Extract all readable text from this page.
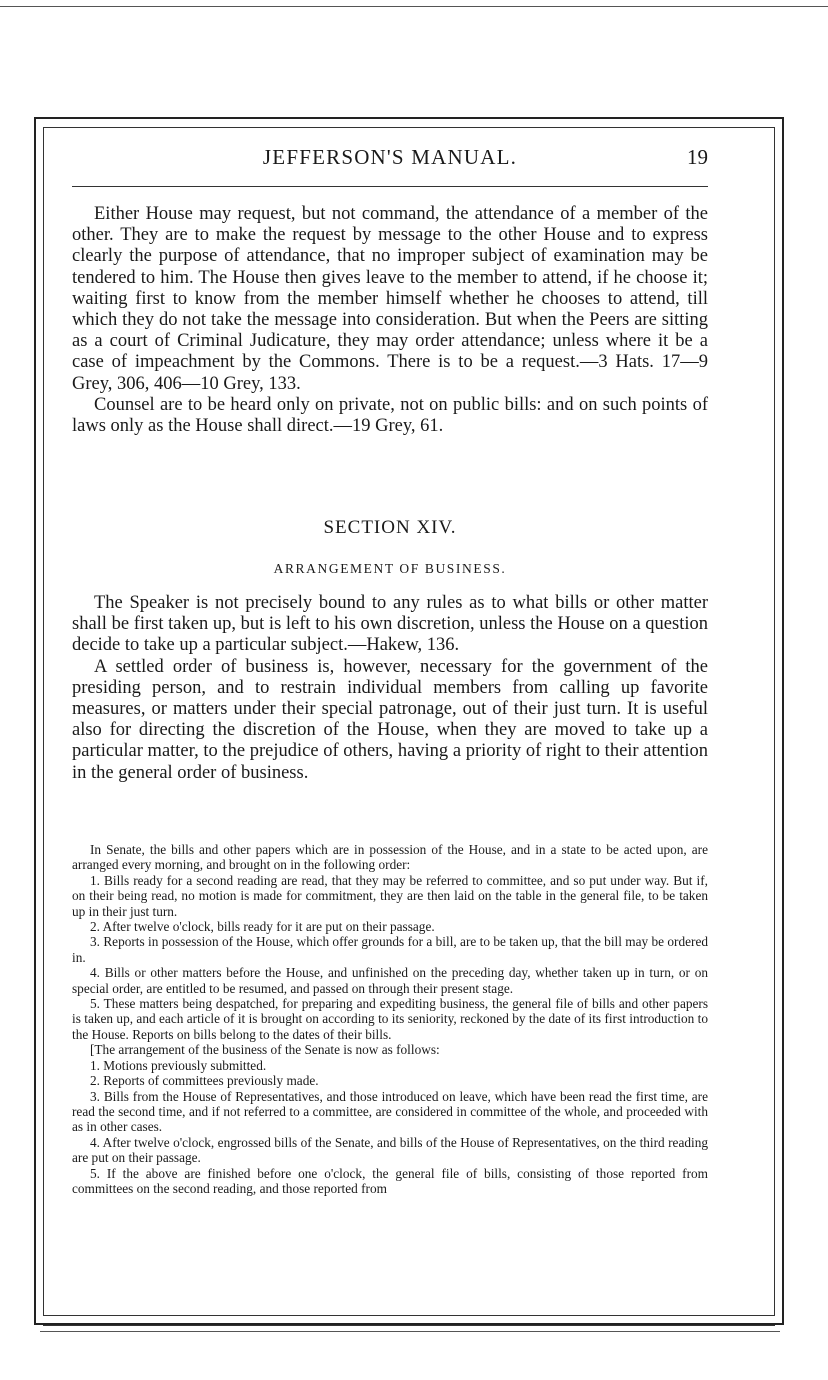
JEFFERSON'S MANUAL.	19

Either House may request, but not command, the attendance of a member of the other. They are to make the request by message to the other House and to express clearly the purpose of attendance, that no improper subject of examination may be tendered to him. The House then gives leave to the member to attend, if he choose it; waiting first to know from the member himself whether he chooses to attend, till which they do not take the message into consideration. But when the Peers are sitting as a court of Criminal Judicature, they may order attendance; unless where it be a case of impeachment by the Commons. There is to be a request.—3 Hats. 17—9 Grey, 306, 406—10 Grey, 133.

Counsel are to be heard only on private, not on public bills: and on such points of laws only as the House shall direct.—19 Grey, 61.

SECTION XIV.
ARRANGEMENT OF BUSINESS.

The Speaker is not precisely bound to any rules as to what bills or other matter shall be first taken up, but is left to his own discretion, unless the House on a question decide to take up a particular subject.—Hakew, 136.

A settled order of business is, however, necessary for the government of the presiding person, and to restrain individual members from calling up favorite measures, or matters under their special patronage, out of their just turn. It is useful also for directing the discretion of the House, when they are moved to take up a particular matter, to the prejudice of others, having a priority of right to their attention in the general order of business.

In Senate, the bills and other papers which are in possession of the House, and in a state to be acted upon, are arranged every morning, and brought on in the following order:

1. Bills ready for a second reading are read, that they may be referred to committee, and so put under way. But if, on their being read, no motion is made for commitment, they are then laid on the table in the general file, to be taken up in their just turn.

2. After twelve o'clock, bills ready for it are put on their passage.

3. Reports in possession of the House, which offer grounds for a bill, are to be taken up, that the bill may be ordered in.

4. Bills or other matters before the House, and unfinished on the preceding day, whether taken up in turn, or on special order, are entitled to be resumed, and passed on through their present stage.

5. These matters being despatched, for preparing and expediting business, the general file of bills and other papers is taken up, and each article of it is brought on according to its seniority, reckoned by the date of its first introduction to the House. Reports on bills belong to the dates of their bills.

[The arrangement of the business of the Senate is now as follows:

1. Motions previously submitted.

2. Reports of committees previously made.

3. Bills from the House of Representatives, and those introduced on leave, which have been read the first time, are read the second time, and if not referred to a committee, are considered in committee of the whole, and proceeded with as in other cases.

4. After twelve o'clock, engrossed bills of the Senate, and bills of the House of Representatives, on the third reading are put on their passage.

5. If the above are finished before one o'clock, the general file of bills, consisting of those reported from committees on the second reading, and those reported from
